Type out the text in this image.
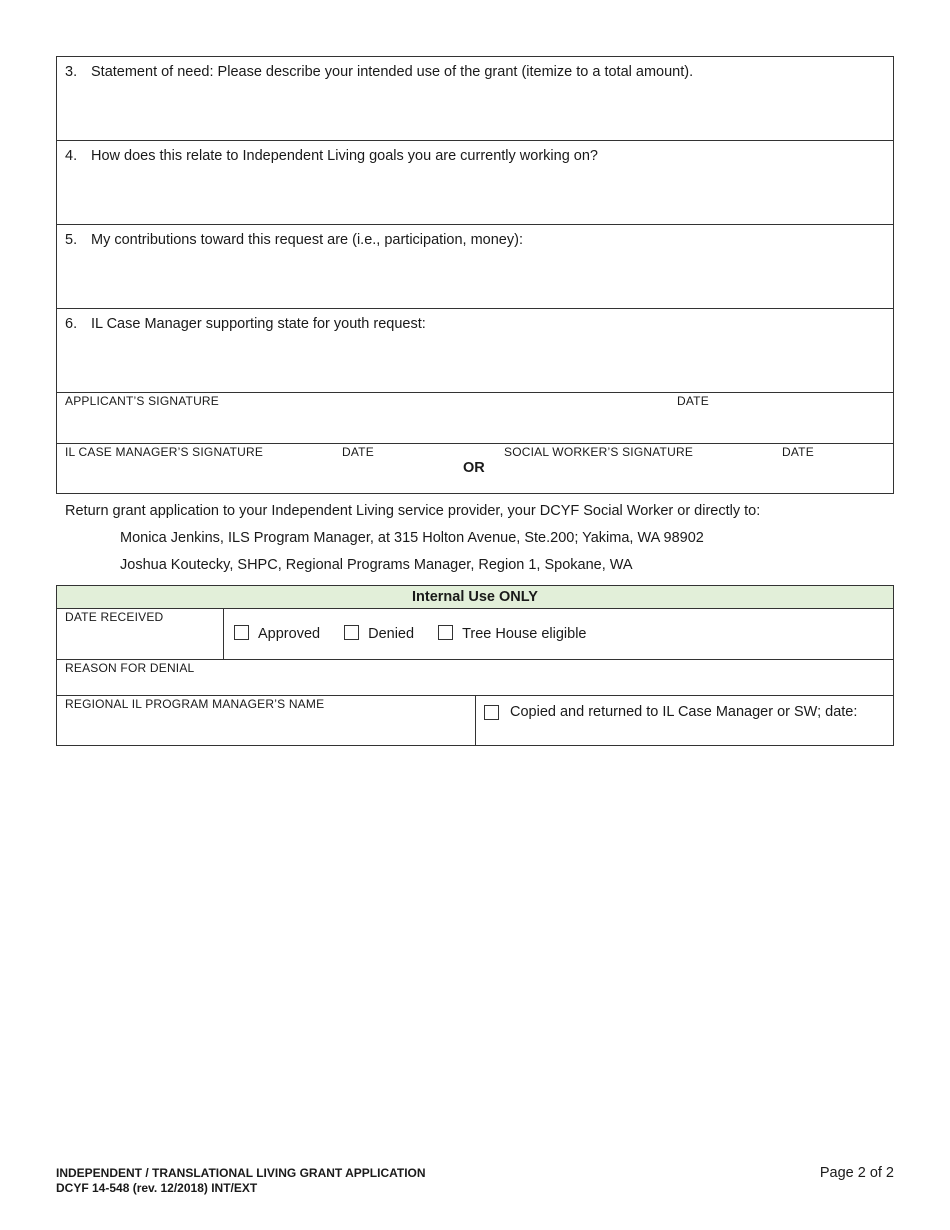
3. Statement of need: Please describe your intended use of the grant (itemize to a total amount).
4. How does this relate to Independent Living goals you are currently working on?
5. My contributions toward this request are (i.e., participation, money):
6. IL Case Manager supporting state for youth request:
APPLICANT’S SIGNATURE	DATE
IL CASE MANAGER’S SIGNATURE	DATE
OR
SOCIAL WORKER’S SIGNATURE	DATE
Return grant application to your Independent Living service provider, your DCYF Social Worker or directly to:
Monica Jenkins, ILS Program Manager, at 315 Holton Avenue, Ste.200; Yakima, WA 98902
Joshua Koutecky, SHPC, Regional Programs Manager, Region 1, Spokane, WA
Internal Use ONLY
DATE RECEIVED
Approved	Denied	Tree House eligible
REASON FOR DENIAL
REGIONAL IL PROGRAM MANAGER’S NAME	Copied and returned to IL Case Manager or SW; date:
INDEPENDENT / TRANSLATIONAL LIVING GRANT APPLICATION
DCYF 14-548 (rev. 12/2018) INT/EXT
Page 2 of 2
